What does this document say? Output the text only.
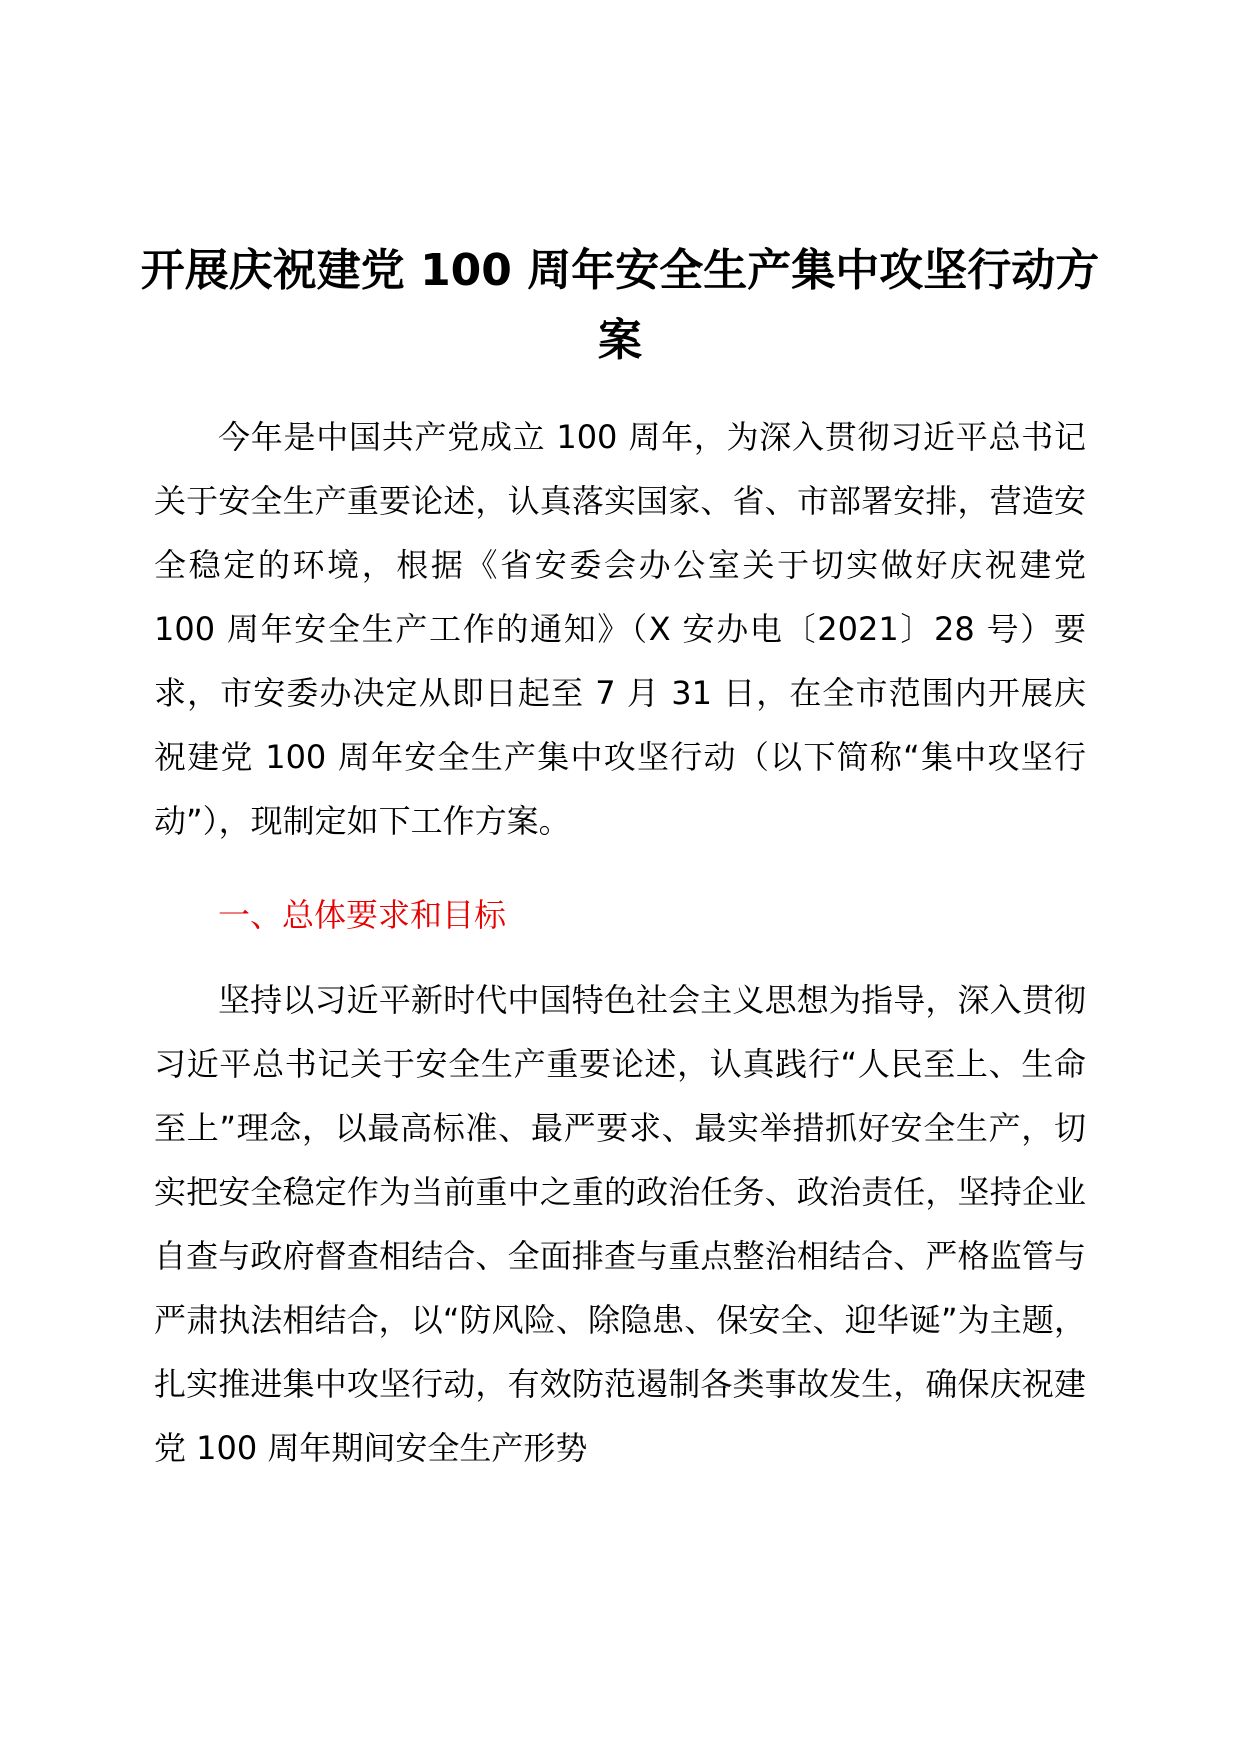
开展庆祝建党 100 周年安全生产集中攻坚行动方案

今年是中国共产党成立 100 周年，为深入贯彻习近平总书记关于安全生产重要论述，认真落实国家、省、市部署安排，营造安全稳定的环境，根据《省安委会办公室关于切实做好庆祝建党 100 周年安全生产工作的通知》（X 安办电〔2021〕28 号）要求，市安委办决定从即日起至 7 月 31 日，在全市范围内开展庆祝建党 100 周年安全生产集中攻坚行动（以下简称“集中攻坚行动”），现制定如下工作方案。

一、总体要求和目标

坚持以习近平新时代中国特色社会主义思想为指导，深入贯彻习近平总书记关于安全生产重要论述，认真践行“人民至上、生命至上”理念，以最高标准、最严要求、最实举措抓好安全生产，切实把安全稳定作为当前重中之重的政治任务、政治责任，坚持企业自查与政府督查相结合、全面排查与重点整治相结合、严格监管与严肃执法相结合，以“防风险、除隐患、保安全、迎华诞”为主题，扎实推进集中攻坚行动，有效防范遏制各类事故发生，确保庆祝建党 100 周年期间安全生产形势
